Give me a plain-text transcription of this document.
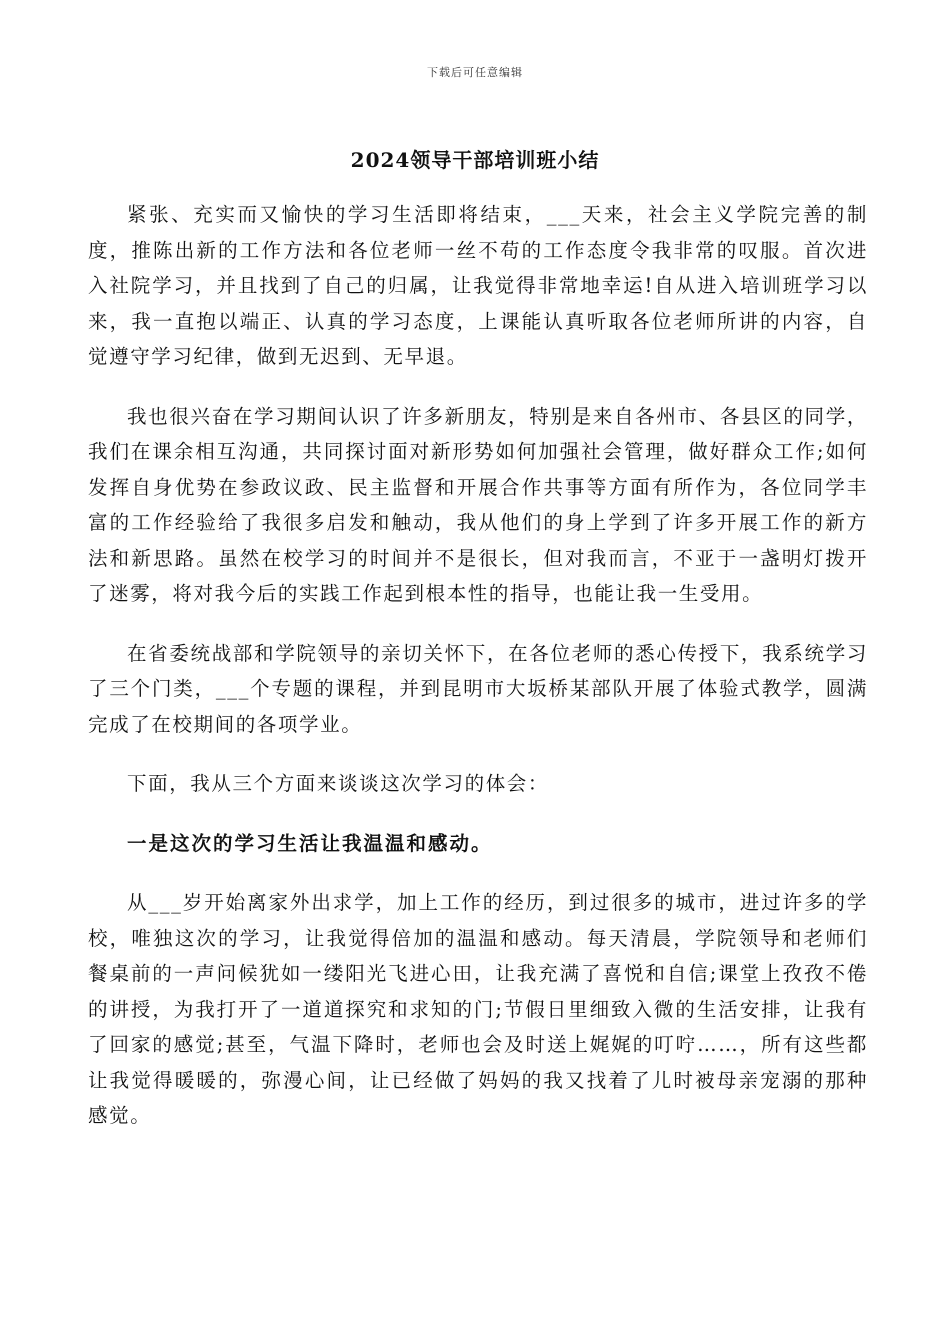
下载后可任意编辑
2024领导干部培训班小结

紧张、充实而又愉快的学习生活即将结束，___天来，社会主义学院完善的制度，推陈出新的工作方法和各位老师一丝不苟的工作态度令我非常的叹服。首次进入社院学习，并且找到了自己的归属，让我觉得非常地幸运!自从进入培训班学习以来，我一直抱以端正、认真的学习态度，上课能认真听取各位老师所讲的内容，自觉遵守学习纪律，做到无迟到、无早退。

我也很兴奋在学习期间认识了许多新朋友，特别是来自各州市、各县区的同学，我们在课余相互沟通，共同探讨面对新形势如何加强社会管理，做好群众工作;如何发挥自身优势在参政议政、民主监督和开展合作共事等方面有所作为，各位同学丰富的工作经验给了我很多启发和触动，我从他们的身上学到了许多开展工作的新方法和新思路。虽然在校学习的时间并不是很长，但对我而言，不亚于一盏明灯拨开了迷雾，将对我今后的实践工作起到根本性的指导，也能让我一生受用。

在省委统战部和学院领导的亲切关怀下，在各位老师的悉心传授下，我系统学习了三个门类，___个专题的课程，并到昆明市大坂桥某部队开展了体验式教学，圆满完成了在校期间的各项学业。

下面，我从三个方面来谈谈这次学习的体会：

一是这次的学习生活让我温温和感动。

从___岁开始离家外出求学，加上工作的经历，到过很多的城市，进过许多的学校，唯独这次的学习，让我觉得倍加的温温和感动。每天清晨，学院领导和老师们餐桌前的一声问候犹如一缕阳光飞进心田，让我充满了喜悦和自信;课堂上孜孜不倦的讲授，为我打开了一道道探究和求知的门;节假日里细致入微的生活安排，让我有了回家的感觉;甚至，气温下降时，老师也会及时送上娓娓的叮咛……，所有这些都让我觉得暖暖的，弥漫心间，让已经做了妈妈的我又找着了儿时被母亲宠溺的那种感觉。
